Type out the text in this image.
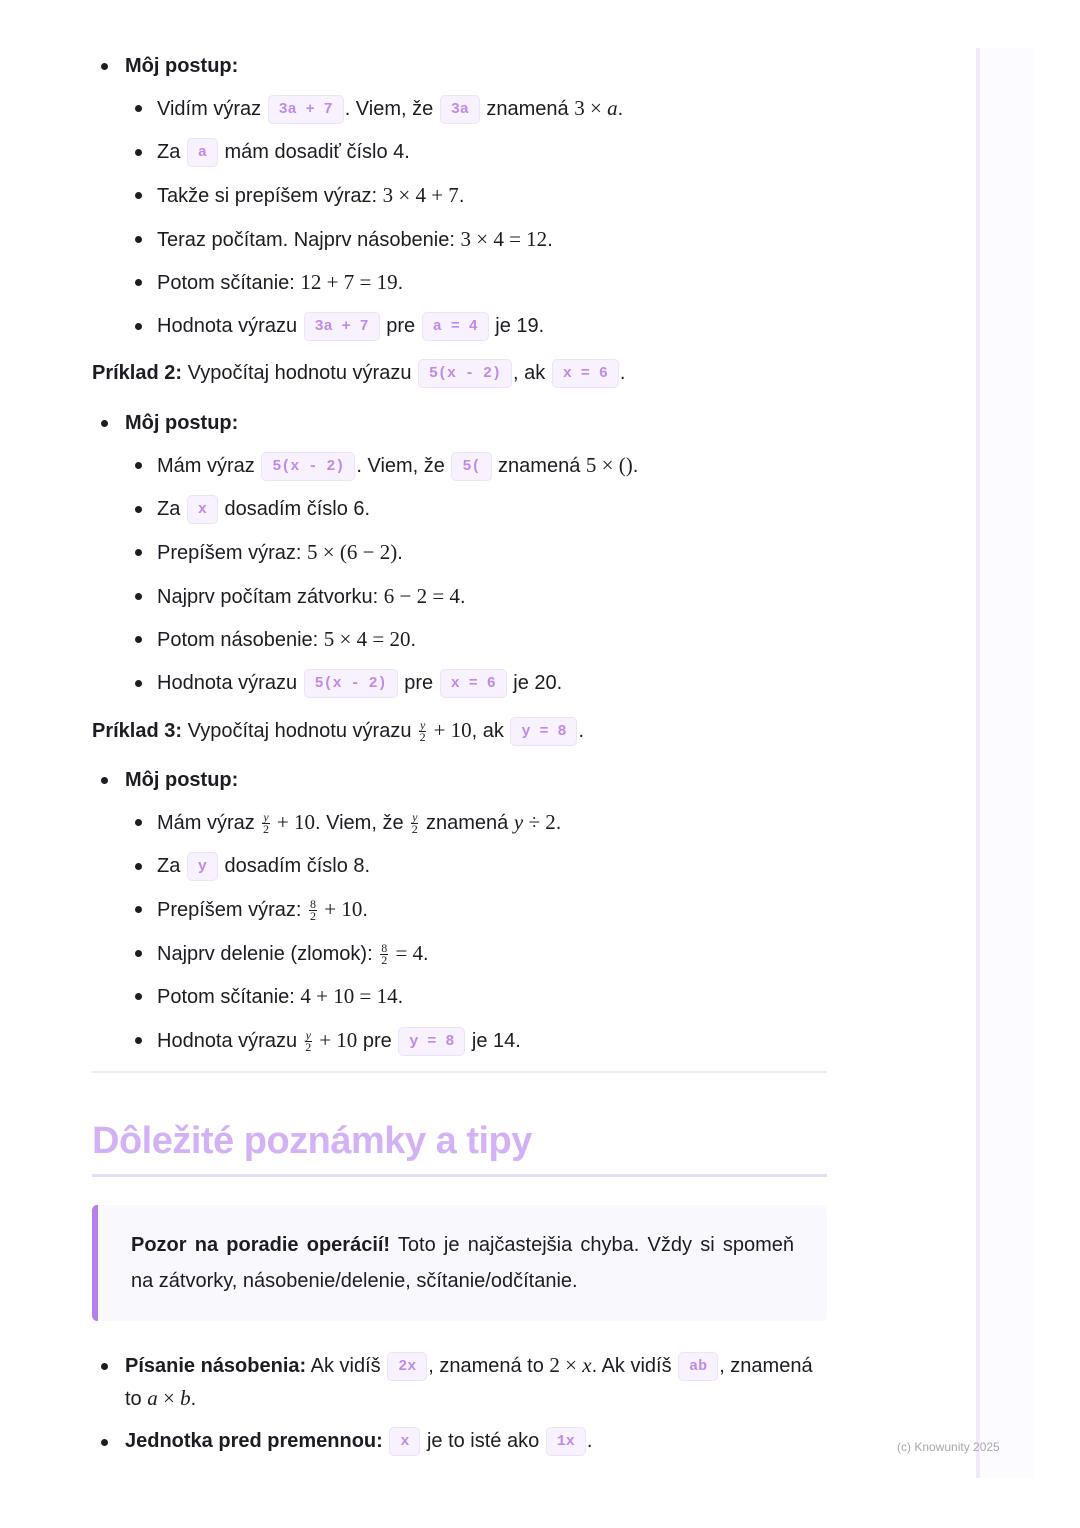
Môj postup:
Vidím výraz 3a + 7 . Viem, že 3a znamená 3 × a.
Za a mám dosadiť číslo 4.
Takže si prepíšem výraz: 3 × 4 + 7.
Teraz počítam. Najprv násobenie: 3 × 4 = 12.
Potom sčítanie: 12 + 7 = 19.
Hodnota výrazu 3a + 7 pre a = 4 je 19.

Príklad 2: Vypočítaj hodnotu výrazu 5(x - 2) , ak x = 6 .

Môj postup:
Mám výraz 5(x - 2) . Viem, že 5( znamená 5 × ().
Za x dosadím číslo 6.
Prepíšem výraz: 5 × (6 − 2).
Najprv počítam zátvorku: 6 − 2 = 4.
Potom násobenie: 5 × 4 = 20.
Hodnota výrazu 5(x - 2) pre x = 6 je 20.

Príklad 3: Vypočítaj hodnotu výrazu $\frac{y}{2} + 10$, ak y = 8 .

Môj postup:
Mám výraz $\frac{y}{2} + 10$. Viem, že $\frac{y}{2}$ znamená y ÷ 2.
Za y dosadím číslo 8.
Prepíšem výraz: $\frac{8}{2} + 10$.
Najprv delenie (zlomok): $\frac{8}{2} = 4$.
Potom sčítanie: 4 + 10 = 14.
Hodnota výrazu $\frac{y}{2} + 10$ pre y = 8 je 14.
Dôležité poznámky a tipy
Pozor na poradie operácií! Toto je najčastejšia chyba. Vždy si spomeň na zátvorky, násobenie/delenie, sčítanie/odčítanie.
Písanie násobenia: Ak vidíš 2x , znamená to 2 × x. Ak vidíš ab , znamená to a × b.
Jednotka pred premennou: x je to isté ako 1x .	(c) Knowunity 2025
